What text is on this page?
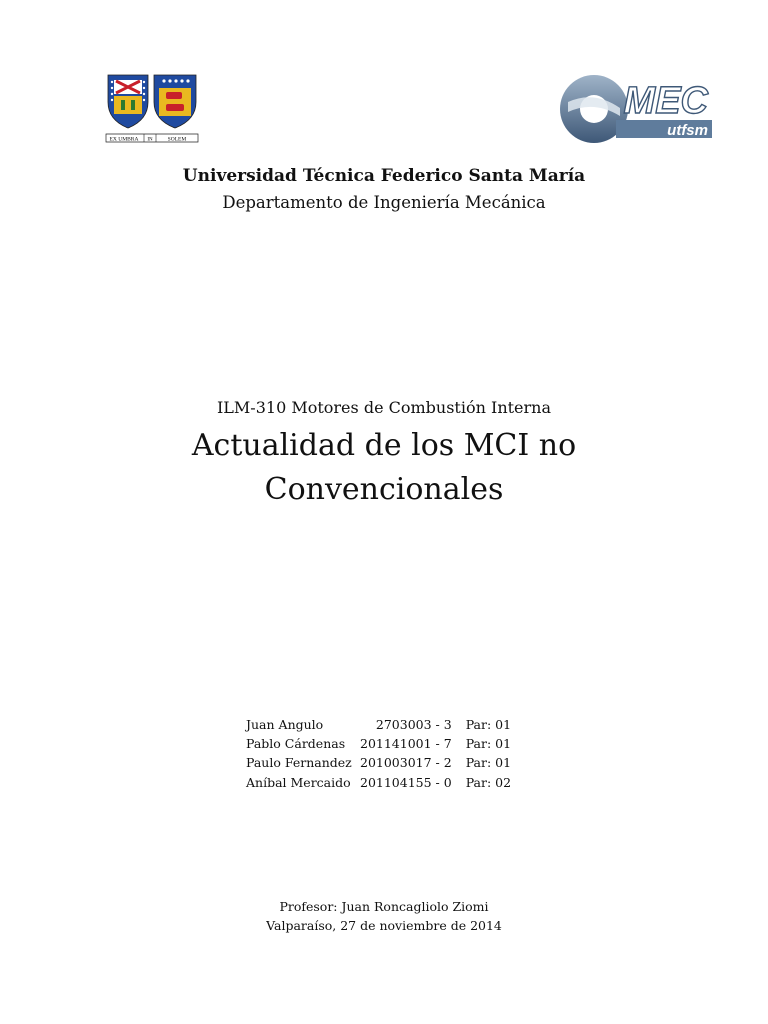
EX UMBRA IN	SOLEM
MEC
utfsm
Universidad Técnica Federico Santa María
Departamento de Ingeniería Mecánica
ILM-310 Motores de Combustión Interna
Actualidad de los MCI no
Convencionales
Juan Angulo	2703003 - 3	Par: 01
Pablo Cárdenas	201141001 - 7	Par: 01
Paulo Fernandez	201003017 - 2	Par: 01
Aníbal Mercaido	201104155 - 0	Par: 02
Profesor: Juan Roncagliolo Ziomi
Valparaíso, 27 de noviembre de 2014
